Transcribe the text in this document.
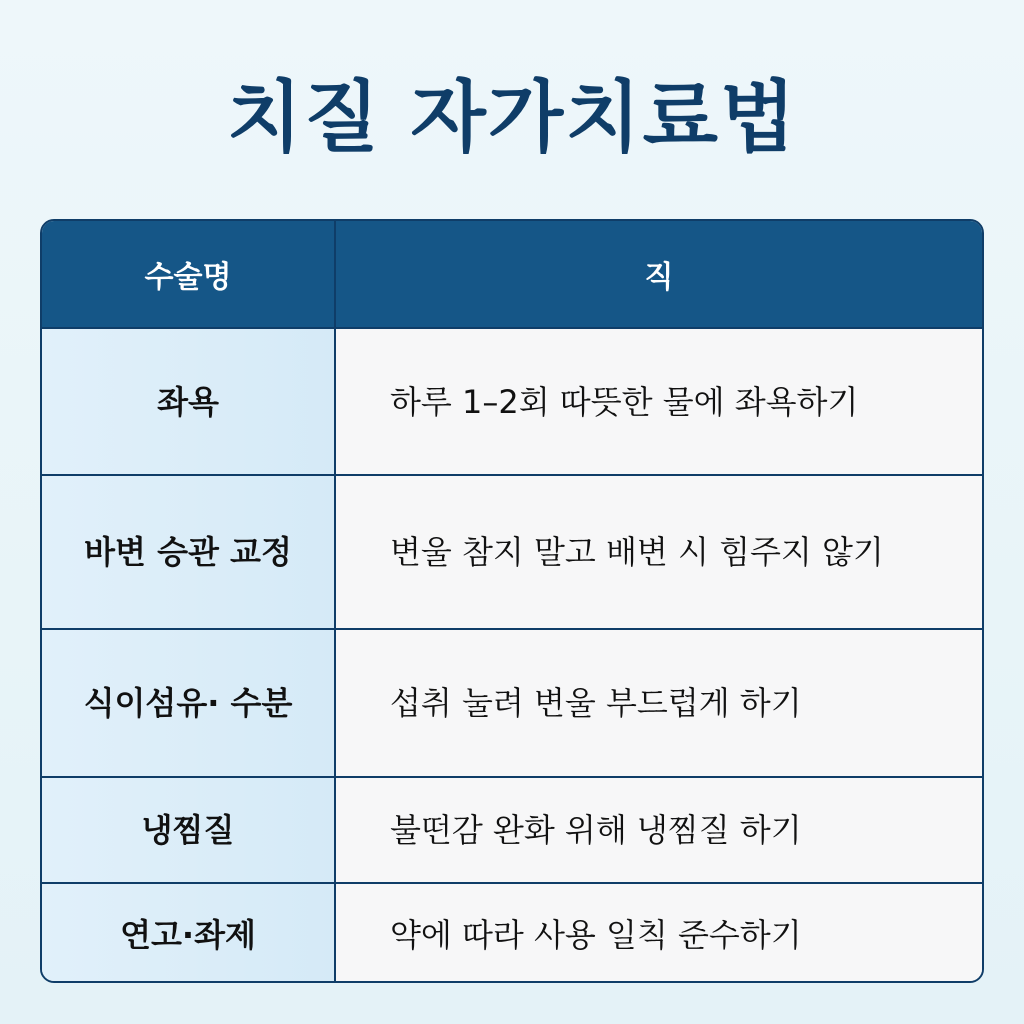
치질 자가치료법
수술명	직
좌욕	하루 1–2회 따뜻한 물에 좌욕하기
바변 승관 교정	변울 참지 말고 배변 시 힘주지 않기
식이섬유· 수분	섭취 눌려 변울 부드럽게 하기
냉찜질	불떤감 완화 위해 냉찜질 하기
연고·좌제	약에 따라 사용 일칙 준수하기
